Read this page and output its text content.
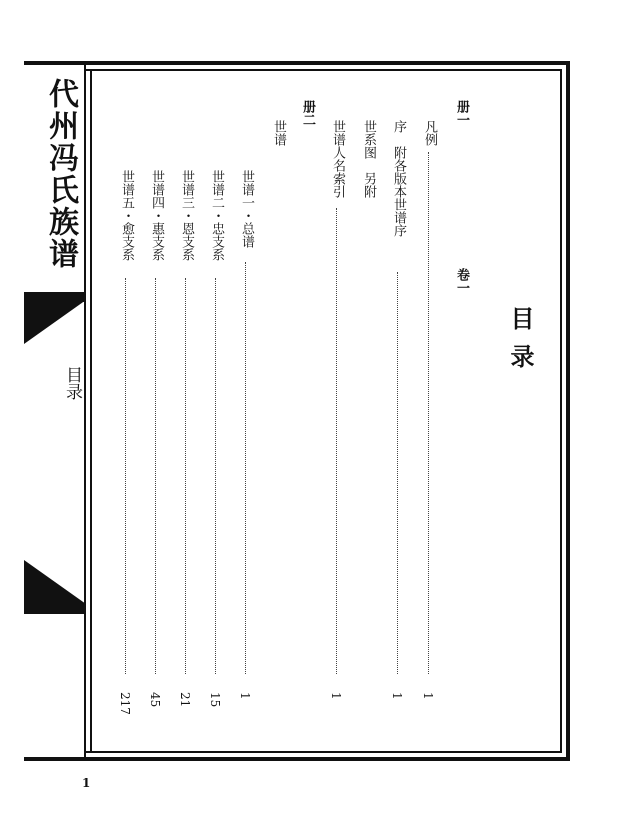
代州冯氏族谱
目录
1
目录
册一
卷一
凡例
1
序　附各版本世谱序
1
世系图　另附
世谱人名索引
1
册二
世谱
世谱一・总谱
1
世谱二・忠支系
15
世谱三・恩支系
21
世谱四・惠支系
45
世谱五・愈支系
217
